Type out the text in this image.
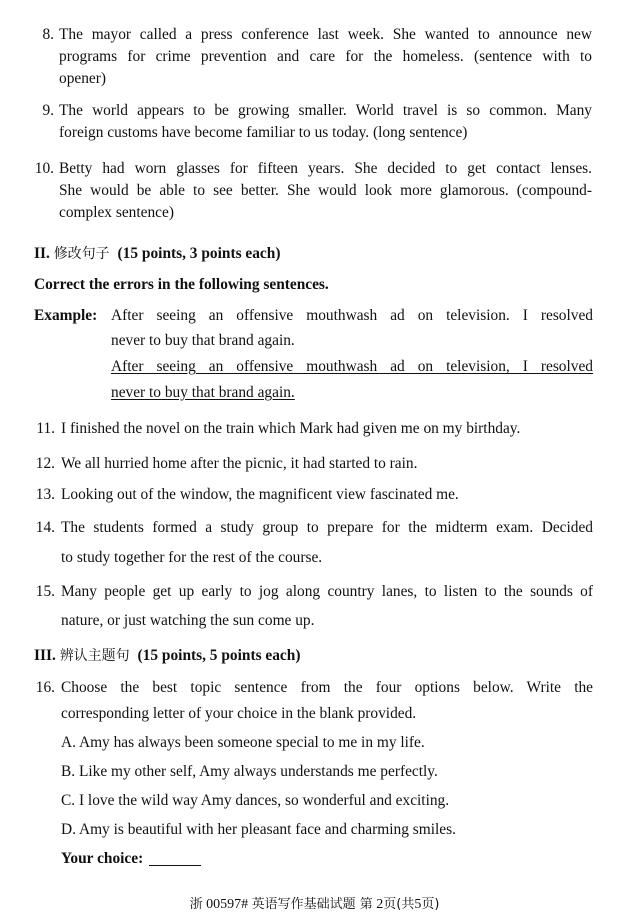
8. The mayor called a press conference last week. She wanted to announce new
programs for crime prevention and care for the homeless. (sentence with to
opener)
9. The world appears to be growing smaller. World travel is so common. Many
foreign customs have become familiar to us today. (long sentence)
10. Betty had worn glasses for fifteen years. She decided to get contact lenses.
She would be able to see better. She would look more glamorous. (compound-
complex sentence)
II. 修改句子 (15 points, 3 points each)
Correct the errors in the following sentences.
Example: After seeing an offensive mouthwash ad on television. I resolved
never to buy that brand again.
After seeing an offensive mouthwash ad on television, I resolved
never to buy that brand again.
11. I finished the novel on the train which Mark had given me on my birthday.
12. We all hurried home after the picnic, it had started to rain.
13. Looking out of the window, the magnificent view fascinated me.
14. The students formed a study group to prepare for the midterm exam. Decided
to study together for the rest of the course.
15. Many people get up early to jog along country lanes, to listen to the sounds of
nature, or just watching the sun come up.
III. 辨认主题句 (15 points, 5 points each)
16. Choose the best topic sentence from the four options below. Write the
corresponding letter of your choice in the blank provided.
A. Amy has always been someone special to me in my life.
B. Like my other self, Amy always understands me perfectly.
C. I love the wild way Amy dances, so wonderful and exciting.
D. Amy is beautiful with her pleasant face and charming smiles.
Your choice:
浙 00597# 英语写作基础试题 第 2页(共5页)
